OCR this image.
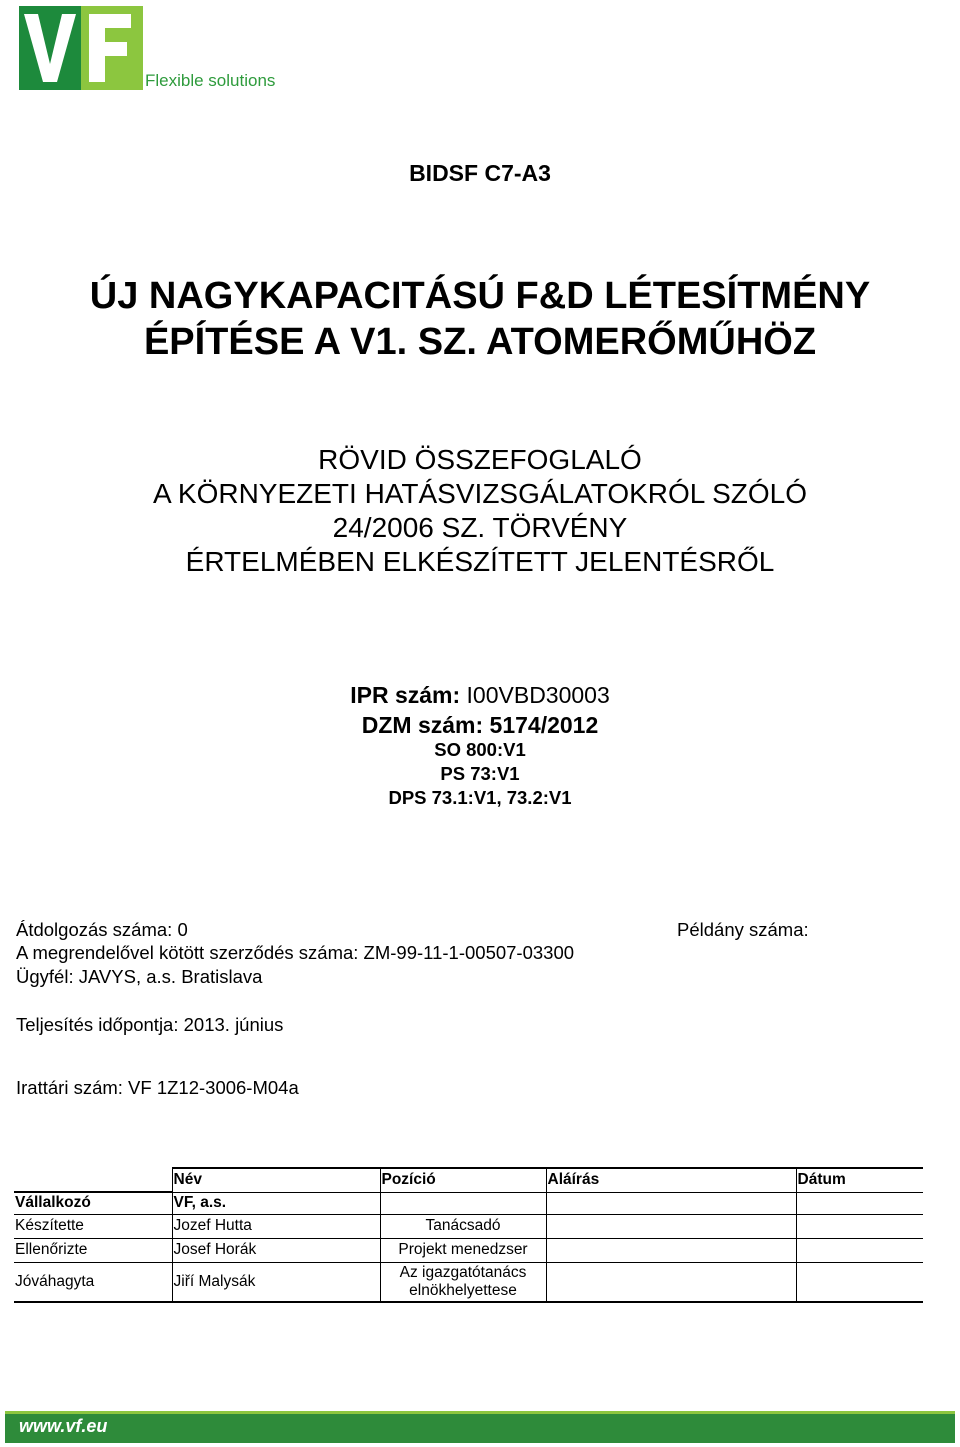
Flexible solutions
BIDSF C7-A3
ÚJ NAGYKAPACITÁSÚ F&D LÉTESÍTMÉNY
ÉPÍTÉSE A V1. SZ. ATOMERŐMŰHÖZ
RÖVID ÖSSZEFOGLALÓ
A KÖRNYEZETI HATÁSVIZSGÁLATOKRÓL SZÓLÓ
24/2006 SZ. TÖRVÉNY
ÉRTELMÉBEN ELKÉSZÍTETT JELENTÉSRŐL
IPR szám: I00VBD30003
DZM szám: 5174/2012
SO 800:V1
PS 73:V1
DPS 73.1:V1, 73.2:V1
Átdolgozás száma: 0
A megrendelővel kötött szerződés száma: ZM-99-11-1-00507-03300
Ügyfél: JAVYS, a.s. Bratislava
Példány száma:
Teljesítés időpontja: 2013. június
Irattári szám: VF 1Z12-3006-M04a
	Név	Pozíció	Aláírás	Dátum
Vállalkozó	VF, a.s.			
Készítette	Jozef Hutta	Tanácsadó		
Ellenőrizte	Josef Horák	Projekt menedzser		
Jóváhagyta	Jiří Malysák	Az igazgatótanács
elnökhelyettese		

www.vf.eu
